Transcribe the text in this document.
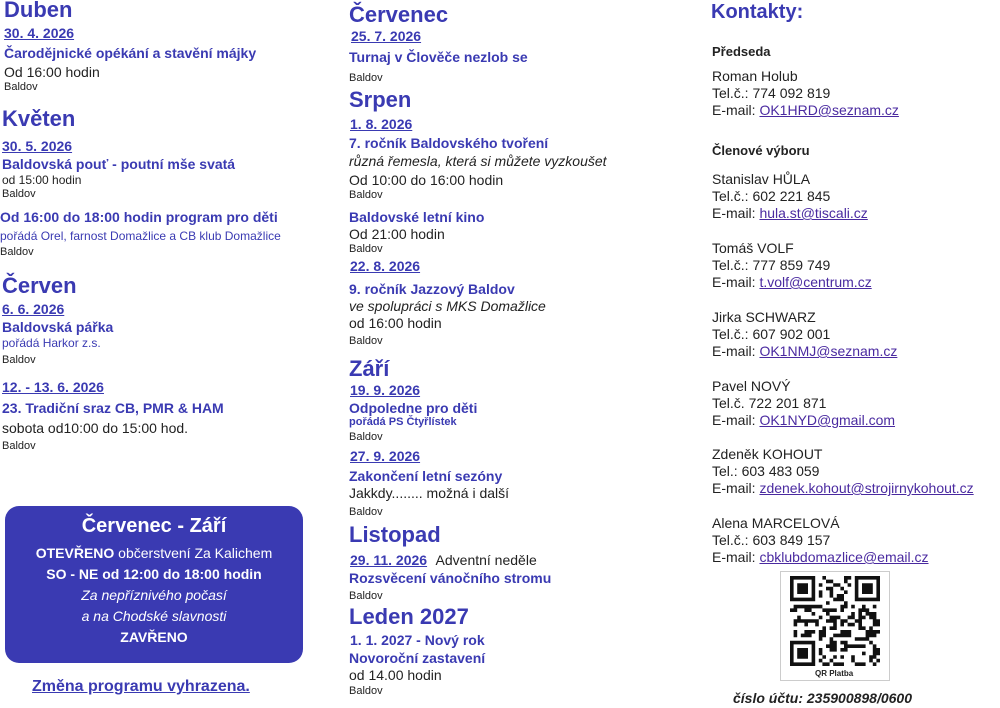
Duben
30. 4. 2026
Čarodějnické opékání a stavění májky
Od 16:00 hodin
Baldov
Květen
30. 5. 2026
Baldovská pouť - poutní mše svatá
od 15:00 hodin
Baldov
Od 16:00 do 18:00 hodin program pro děti
pořádá Orel, farnost Domažlice a CB klub Domažlice
Baldov
Červen
6. 6. 2026
Baldovská pářka
pořádá Harkor z.s.
Baldov
12. - 13. 6. 2026
23. Tradiční sraz CB, PMR & HAM
sobota od10:00 do 15:00 hod.
Baldov
Červenec - Září
OTEVŘENO občerstvení Za Kalichem
SO - NE od 12:00 do 18:00 hodin
Za nepříznivého počasí
a na Chodské slavnosti
ZAVŘENO
Změna programu vyhrazena.
Červenec
25. 7. 2026
Turnaj v Člověče nezlob se
Baldov
Srpen
1. 8. 2026
7. ročník Baldovského tvoření
různá řemesla, která si můžete vyzkoušet
Od 10:00 do 16:00 hodin
Baldov
Baldovské letní kino
Od 21:00 hodin
Baldov
22. 8. 2026
9. ročník Jazzový Baldov
ve spolupráci s MKS Domažlice
od 16:00 hodin
Baldov
Září
19. 9. 2026
Odpoledne pro děti
pořádá PS Čtyřlístek
Baldov
27. 9. 2026
Zakončení letní sezóny
Jakkdy........ možná i další
Baldov
Listopad
29. 11. 2026 Adventní neděle
Rozsvěcení vánočního stromu
Baldov
Leden 2027
1. 1. 2027 - Nový rok
Novoroční zastavení
od 14.00 hodin
Baldov
Kontakty:
Předseda
Roman Holub
Tel.č.: 774 092 819
E-mail: OK1HRD@seznam.cz
Členové výboru
Stanislav HŮLA
Tel.č.: 602 221 845
E-mail: hula.st@tiscali.cz
Tomáš VOLF
Tel.č.: 777 859 749
E-mail: t.volf@centrum.cz
Jirka SCHWARZ
Tel.č.: 607 902 001
E-mail: OK1NMJ@seznam.cz
Pavel NOVÝ
Tel.č. 722 201 871
E-mail: OK1NYD@gmail.com
Zdeněk KOHOUT
Tel.: 603 483 059
E-mail: zdenek.kohout@strojirnykohout.cz
Alena MARCELOVÁ
Tel.č.: 603 849 157
E-mail: cbklubdomazlice@email.cz
QR Platba
číslo účtu: 235900898/0600
